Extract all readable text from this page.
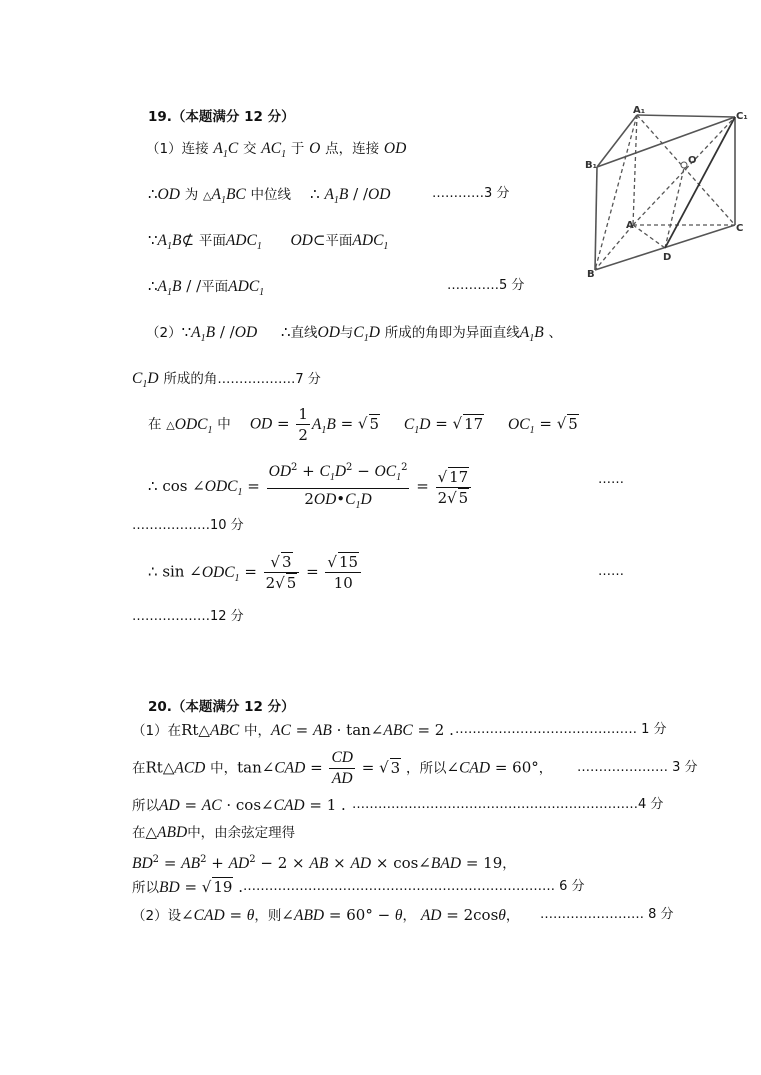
19.（本题满分 12 分）
（1）连接 $A_1C$ 交 $AC_1$ 于 O 点，连接 OD
∴OD 为 $\triangle A_1BC$ 中位线 ∴ $A_1B / /OD$	…………3 分
$\because A_1B⊄$ 平面$ADC_1$ OD⊂平面$ADC_1$
$\therefore A_1B$ / /平面$ADC_1$	…………5 分
$(2)\because A_1B / /OD$ ∴直线OD与$C_1D$ 所成的角即为异面直线$A_1B$ 、
$C_1D$ 所成的角………………7 分
在 $\triangle ODC_1$ 中 OD = $\frac{1}{2} A_1B$ = √ 5 $C_1D$ = √ 17 $OC_1$ = √ 5
∴ $\cos \angle ODC_1 = \frac{OD^2 + C_1D^2 - OC_1^2}{2OD•C_1D} = \frac{√ 17}{2√ 5}$	……
………………10 分
∴ $\sin \angle ODC_1 = \frac{√ 3}{2√ 5} = \frac{√ 15}{10}$	……
………………12 分
A₁
C₁
B₁	O
A	C
B
D
20.（本题满分 12 分）
（1）在Rt△ABC 中，AC = AB · tan∠ABC = 2 . …………………………………… 1 分
在Rt△ACD 中，tan∠CAD = $\frac{CD}{AD}$ = √ 3 ，所以∠CAD = 60°， ………………… 3 分
所以AD = AC · cos∠CAD = 1 . …………………………………………………………4 分
在△ABD中，由余弦定理得
$BD^2 = AB^2 + AD^2 - 2$ × AB × AD × cos∠BAD = 19，
所以BD = √ 19 . ……………………………………………………………… 6 分
（2）设∠CAD = θ，则∠ABD = 60° − θ， AD = 2cosθ， …………………… 8 分
